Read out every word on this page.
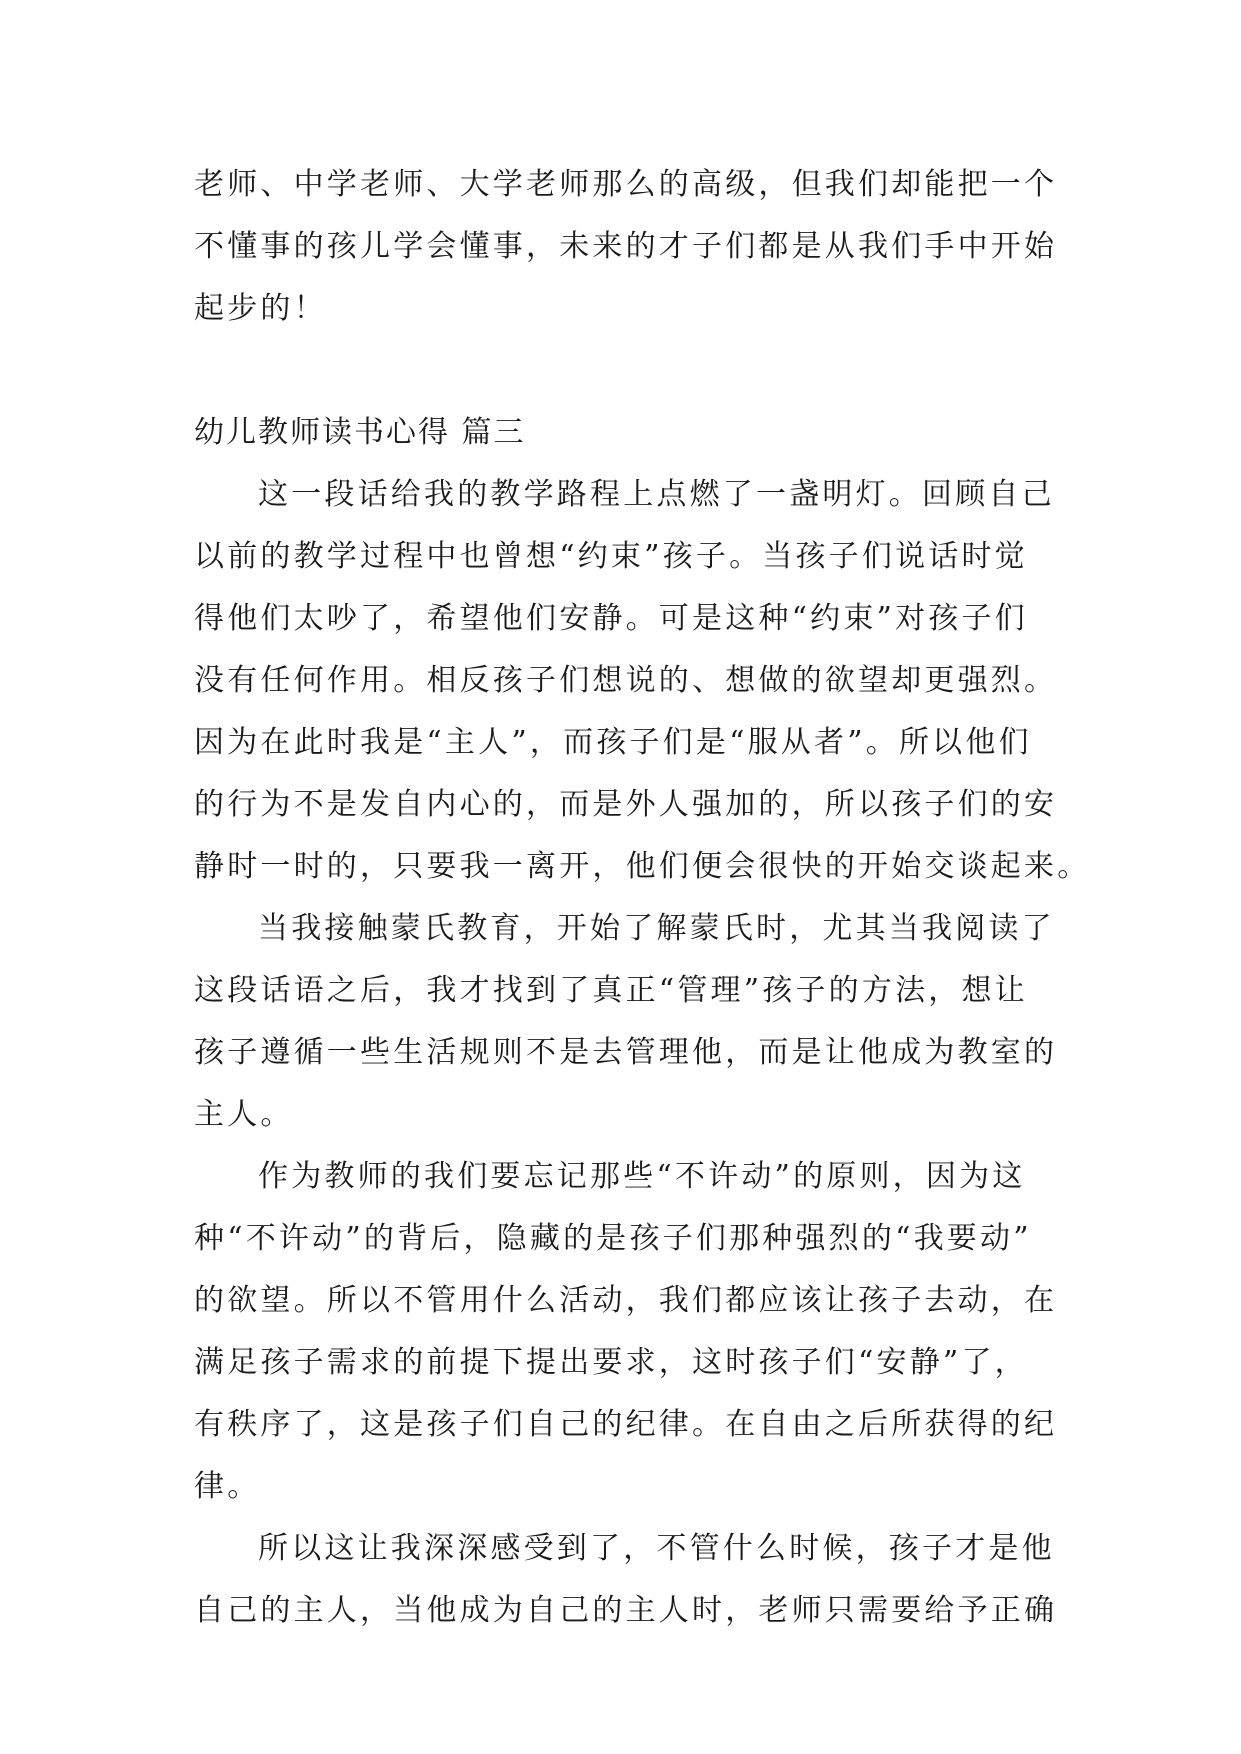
老师、中学老师、大学老师那么的高级，但我们却能把一个
不懂事的孩儿学会懂事，未来的才子们都是从我们手中开始
起步的！
幼儿教师读书心得 篇三
这一段话给我的教学路程上点燃了一盏明灯。回顾自己
以前的教学过程中也曾想“约束”孩子。当孩子们说话时觉
得他们太吵了，希望他们安静。可是这种“约束”对孩子们
没有任何作用。相反孩子们想说的、想做的欲望却更强烈。
因为在此时我是“主人”，而孩子们是“服从者”。所以他们
的行为不是发自内心的，而是外人强加的，所以孩子们的安
静时一时的，只要我一离开，他们便会很快的开始交谈起来。
当我接触蒙氏教育，开始了解蒙氏时，尤其当我阅读了
这段话语之后，我才找到了真正“管理”孩子的方法，想让
孩子遵循一些生活规则不是去管理他，而是让他成为教室的
主人。
作为教师的我们要忘记那些“不许动”的原则，因为这
种“不许动”的背后，隐藏的是孩子们那种强烈的“我要动”
的欲望。所以不管用什么活动，我们都应该让孩子去动，在
满足孩子需求的前提下提出要求，这时孩子们“安静”了，
有秩序了，这是孩子们自己的纪律。在自由之后所获得的纪
律。
所以这让我深深感受到了，不管什么时候，孩子才是他
自己的主人，当他成为自己的主人时，老师只需要给予正确
